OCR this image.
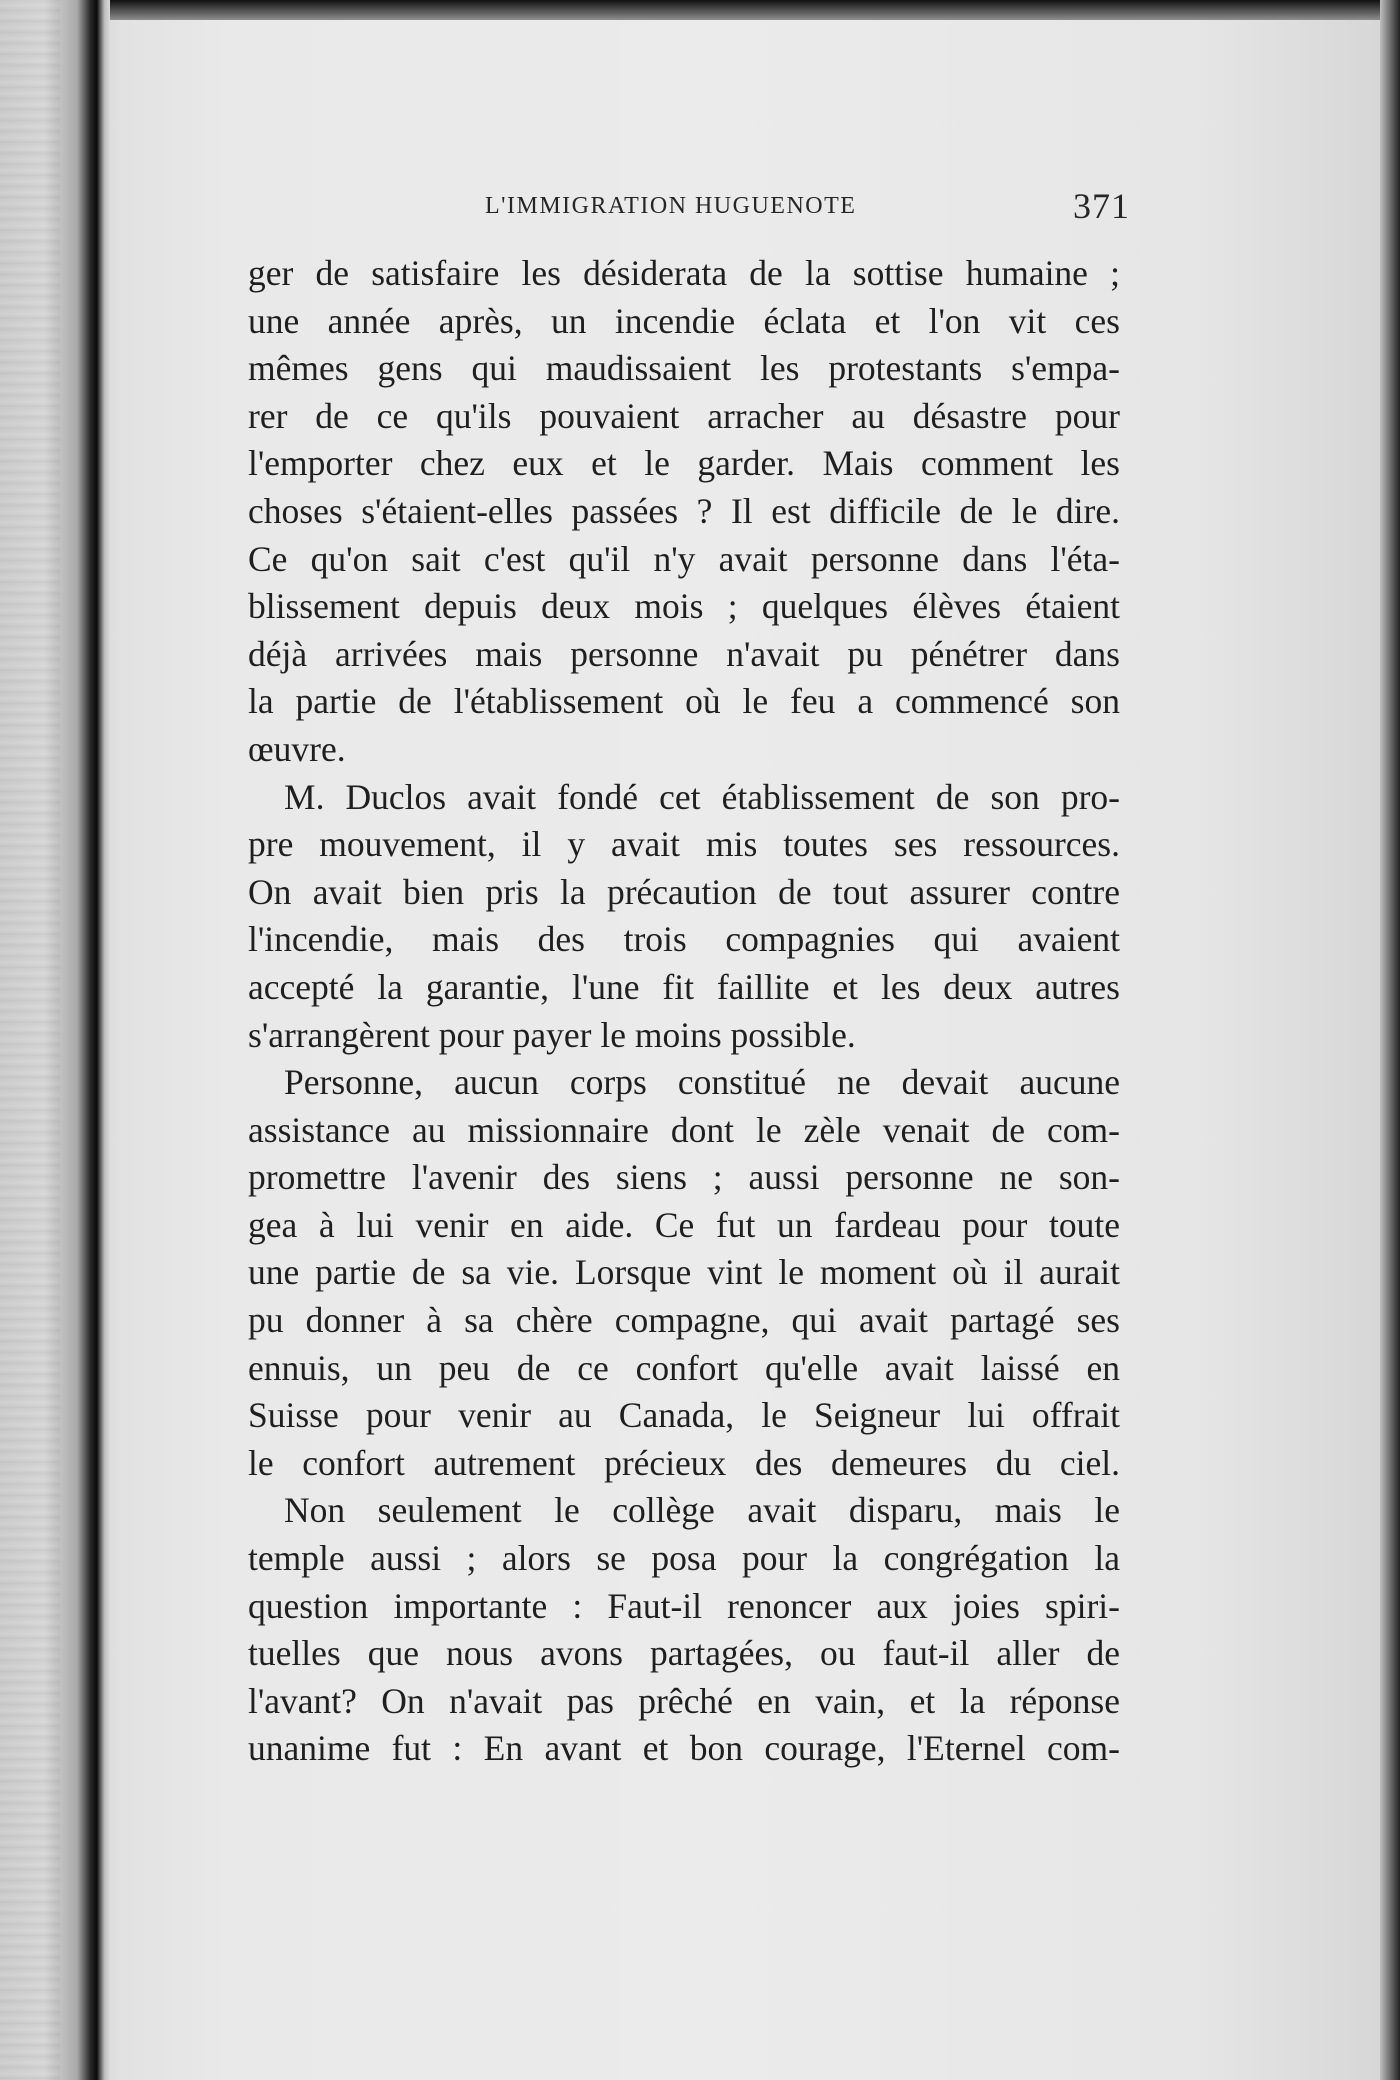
L'IMMIGRATION HUGUENOTE	371
ger de satisfaire les désiderata de la sottise humaine ;
une année après, un incendie éclata et l'on vit ces
mêmes gens qui maudissaient les protestants s'empa-
rer de ce qu'ils pouvaient arracher au désastre pour
l'emporter chez eux et le garder. Mais comment les
choses s'étaient-elles passées ? Il est difficile de le dire.
Ce qu'on sait c'est qu'il n'y avait personne dans l'éta-
blissement depuis deux mois ; quelques élèves étaient
déjà arrivées mais personne n'avait pu pénétrer dans
la partie de l'établissement où le feu a commencé son
œuvre.
M. Duclos avait fondé cet établissement de son pro-
pre mouvement, il y avait mis toutes ses ressources.
On avait bien pris la précaution de tout assurer contre
l'incendie, mais des trois compagnies qui avaient
accepté la garantie, l'une fit faillite et les deux autres
s'arrangèrent pour payer le moins possible.
Personne, aucun corps constitué ne devait aucune
assistance au missionnaire dont le zèle venait de com-
promettre l'avenir des siens ; aussi personne ne son-
gea à lui venir en aide. Ce fut un fardeau pour toute
une partie de sa vie. Lorsque vint le moment où il aurait
pu donner à sa chère compagne, qui avait partagé ses
ennuis, un peu de ce confort qu'elle avait laissé en
Suisse pour venir au Canada, le Seigneur lui offrait
le confort autrement précieux des demeures du ciel.
Non seulement le collège avait disparu, mais le
temple aussi ; alors se posa pour la congrégation la
question importante : Faut-il renoncer aux joies spiri-
tuelles que nous avons partagées, ou faut-il aller de
l'avant? On n'avait pas prêché en vain, et la réponse
unanime fut : En avant et bon courage, l'Eternel com-
